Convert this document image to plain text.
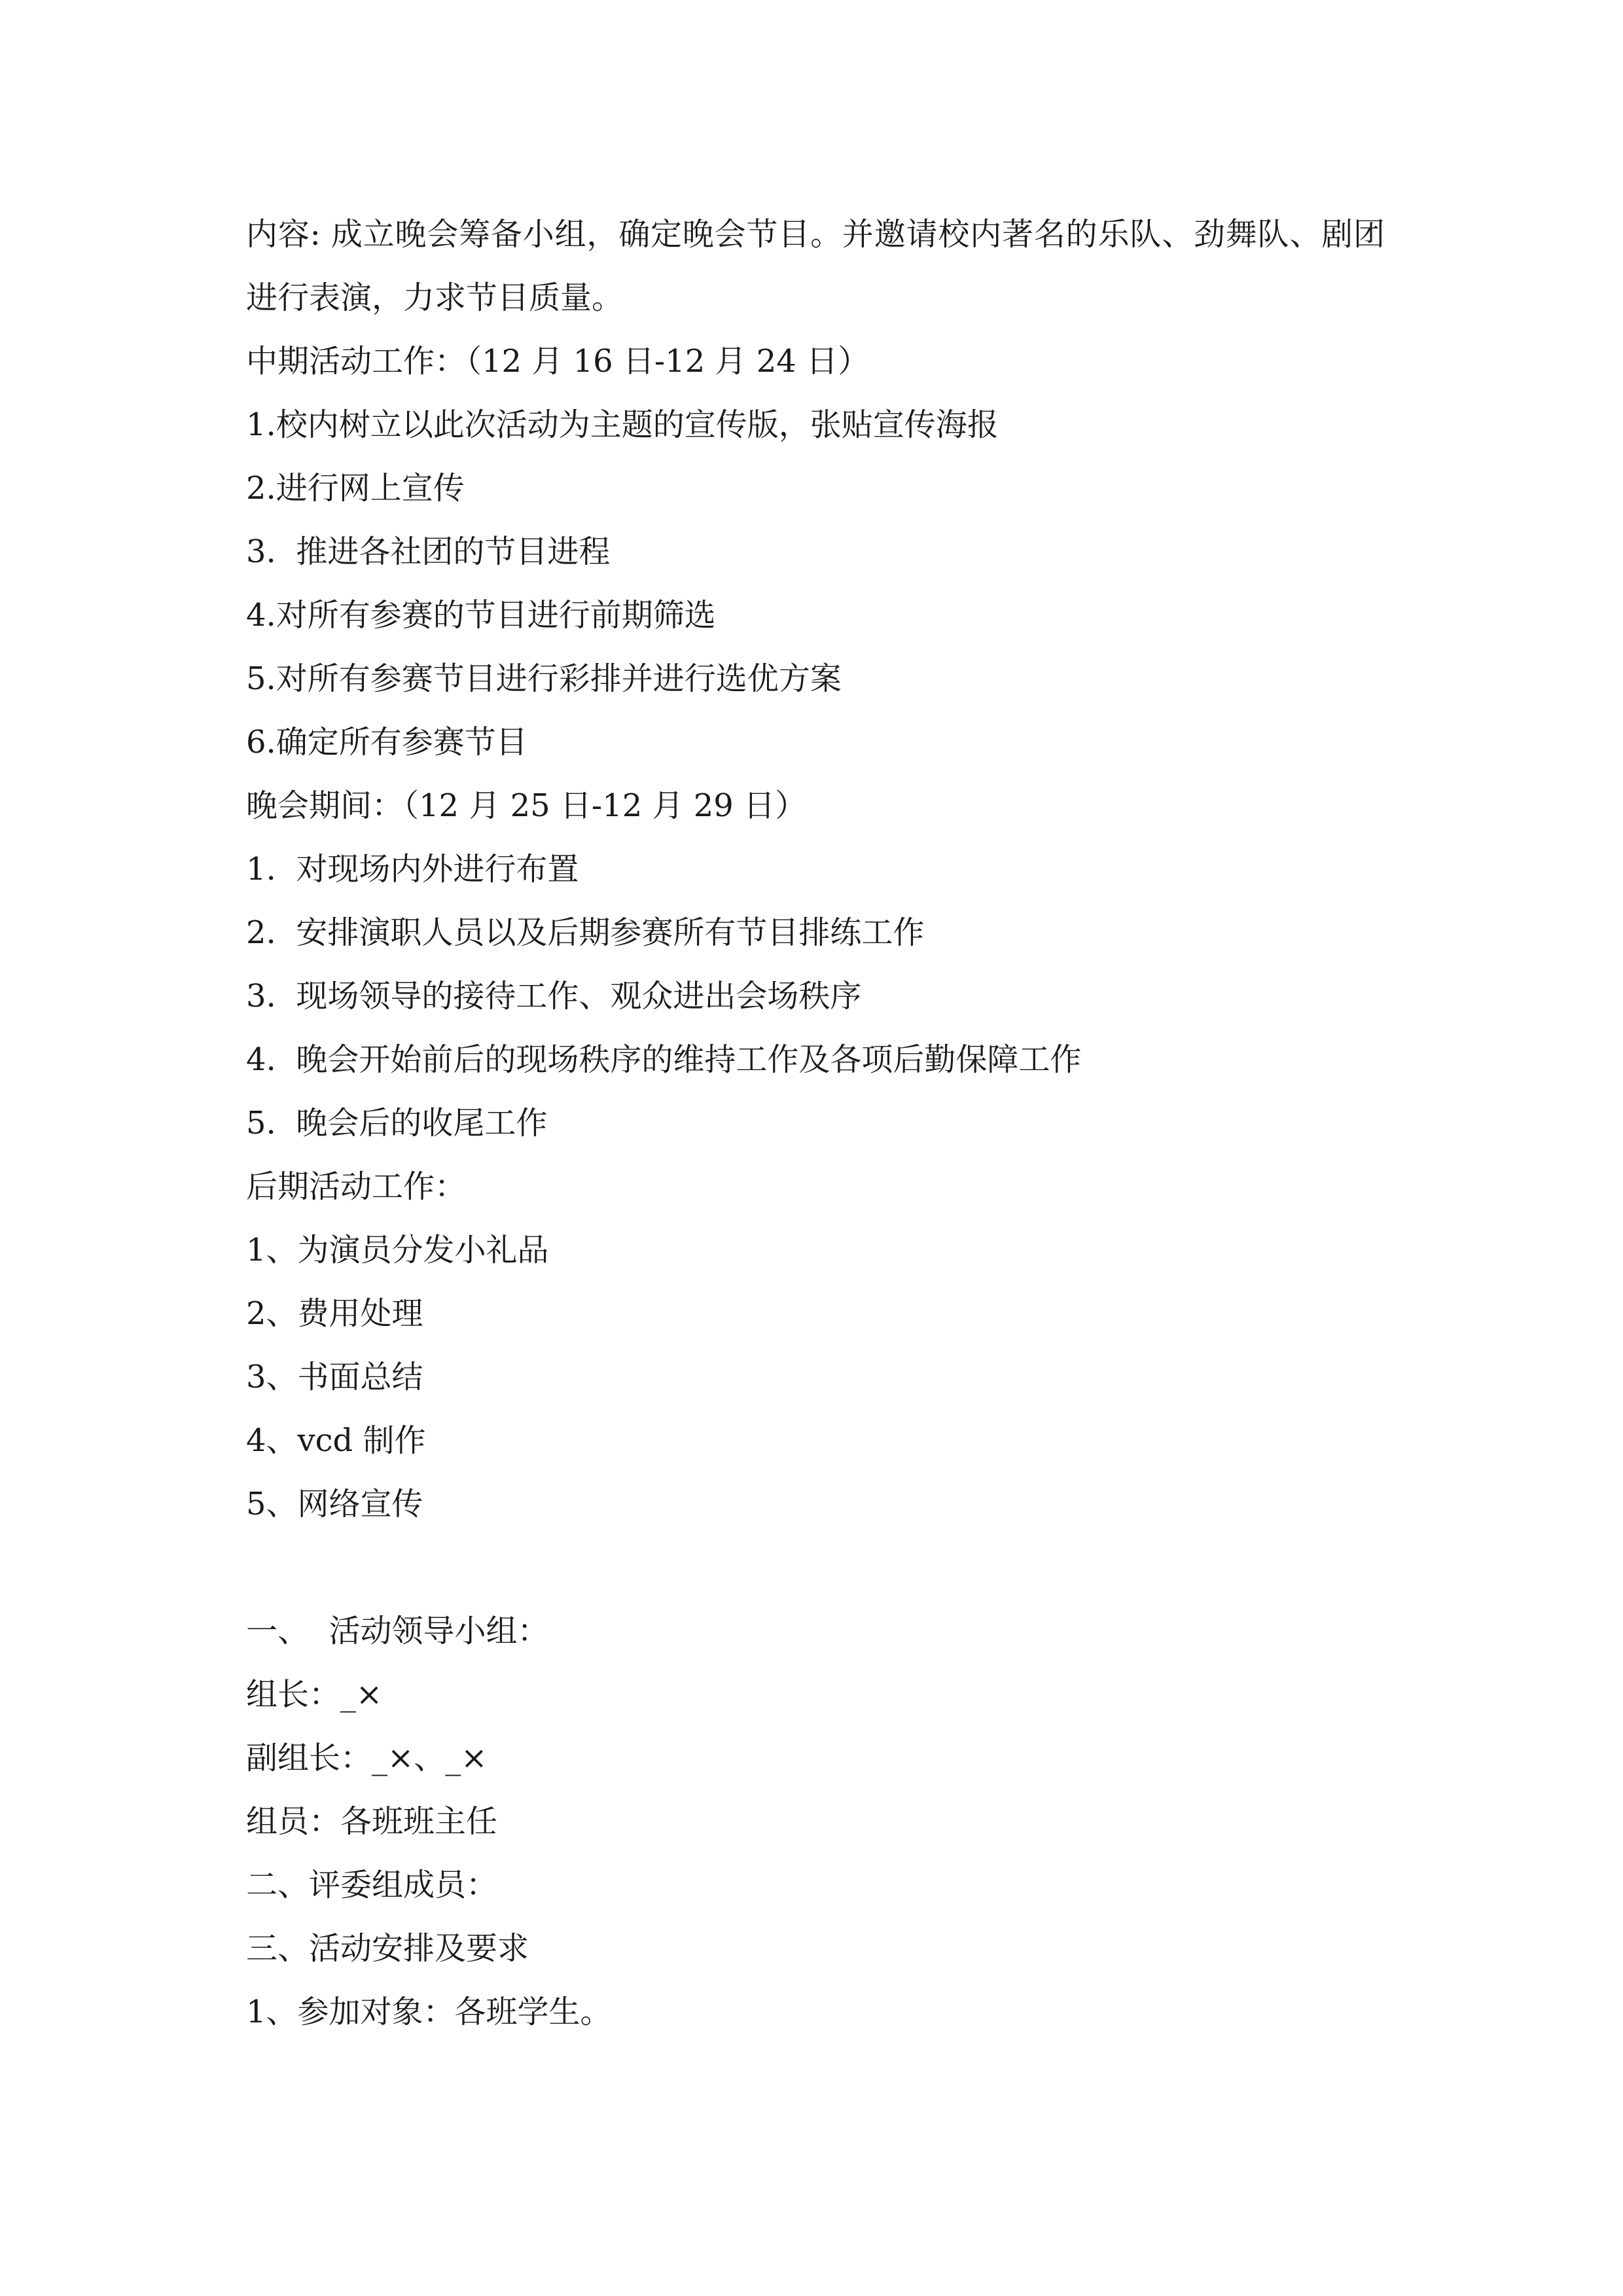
内容: 成立晚会筹备小组，确定晚会节目。并邀请校内著名的乐队、劲舞队、剧团进行表演，力求节目质量。

中期活动工作：（12 月 16 日-12 月 24 日）

1.校内树立以此次活动为主题的宣传版，张贴宣传海报

2.进行网上宣传

3.  推进各社团的节目进程

4.对所有参赛的节目进行前期筛选

5.对所有参赛节目进行彩排并进行选优方案

6.确定所有参赛节目

晚会期间：（12 月 25 日-12 月 29 日）

1.  对现场内外进行布置

2.  安排演职人员以及后期参赛所有节目排练工作

3.  现场领导的接待工作、观众进出会场秩序

4.  晚会开始前后的现场秩序的维持工作及各项后勤保障工作

5.  晚会后的收尾工作

后期活动工作：

1、为演员分发小礼品

2、费用处理

3、书面总结

4、vcd 制作

5、网络宣传

一、  活动领导小组：

组长：_×

副组长：_×、_×

组员：各班班主任

二、评委组成员：

三、活动安排及要求

1、参加对象：各班学生。
